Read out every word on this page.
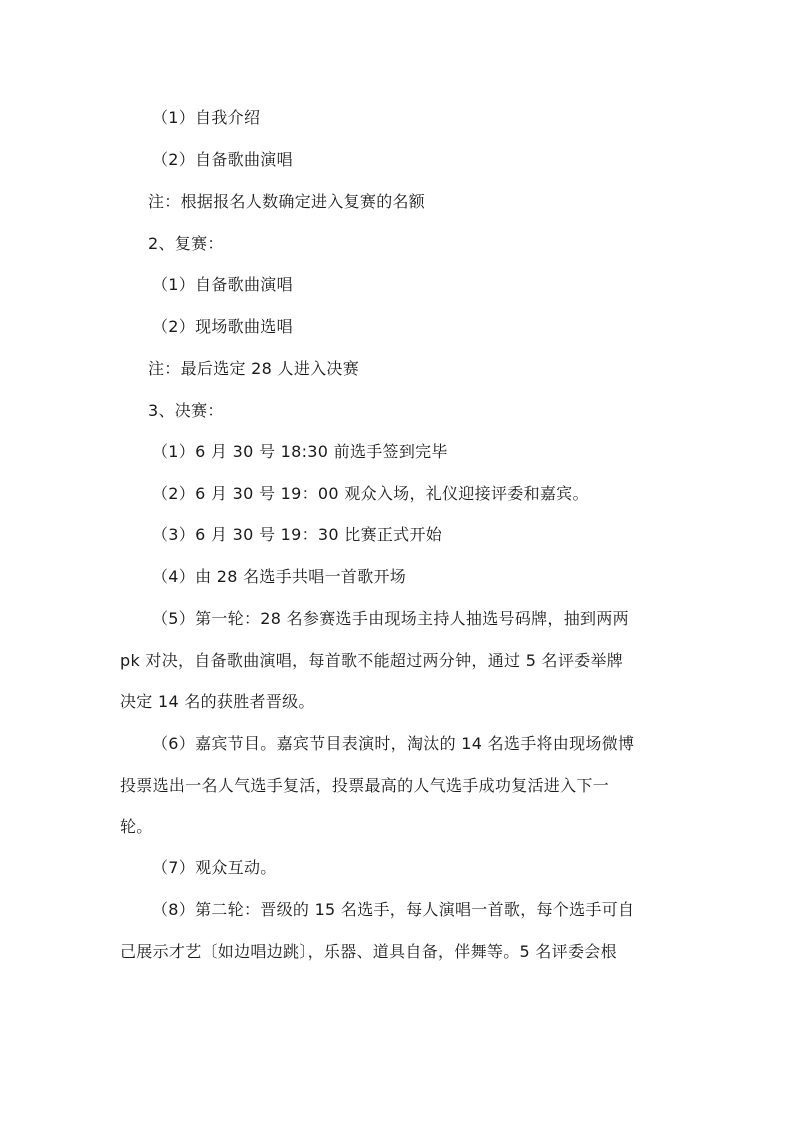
（1）自我介绍
（2）自备歌曲演唱
注：根据报名人数确定进入复赛的名额
2、复赛：
（1）自备歌曲演唱
（2）现场歌曲选唱
注：最后选定 28 人进入决赛
3、决赛：
（1）6 月 30 号 18:30 前选手签到完毕
（2）6 月 30 号 19：00 观众入场，礼仪迎接评委和嘉宾。
（3）6 月 30 号 19：30 比赛正式开始
（4）由 28 名选手共唱一首歌开场
（5）第一轮：28 名参赛选手由现场主持人抽选号码牌，抽到两两
pk 对决，自备歌曲演唱，每首歌不能超过两分钟，通过 5 名评委举牌
决定 14 名的获胜者晋级。
（6）嘉宾节目。嘉宾节目表演时，淘汰的 14 名选手将由现场微博
投票选出一名人气选手复活，投票最高的人气选手成功复活进入下一
轮。
（7）观众互动。
（8）第二轮：晋级的 15 名选手，每人演唱一首歌，每个选手可自
己展示才艺〔如边唱边跳〕，乐器、道具自备，伴舞等。5 名评委会根
